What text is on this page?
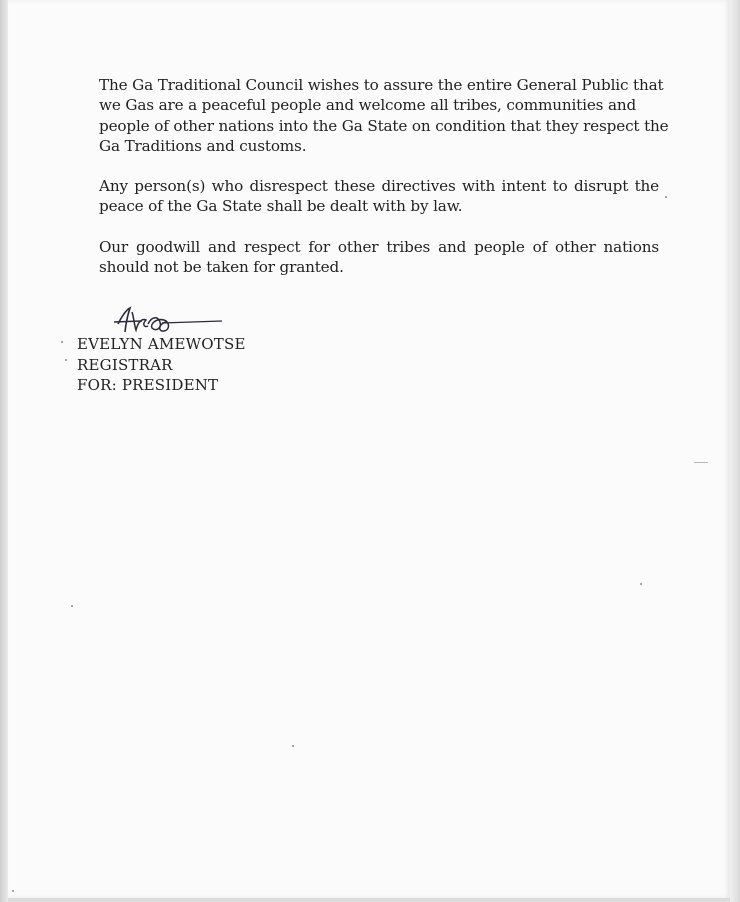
The Ga Traditional Council wishes to assure the entire General Public that
we Gas are a peaceful people and welcome all tribes, communities and
people of other nations into the Ga State on condition that they respect the
Ga Traditions and customs.
Any person(s) who disrespect these directives with intent to disrupt the
peace of the Ga State shall be dealt with by law.
Our goodwill and respect for other tribes and people of other nations
should not be taken for granted.
EVELYN AMEWOTSE
REGISTRAR
FOR: PRESIDENT
